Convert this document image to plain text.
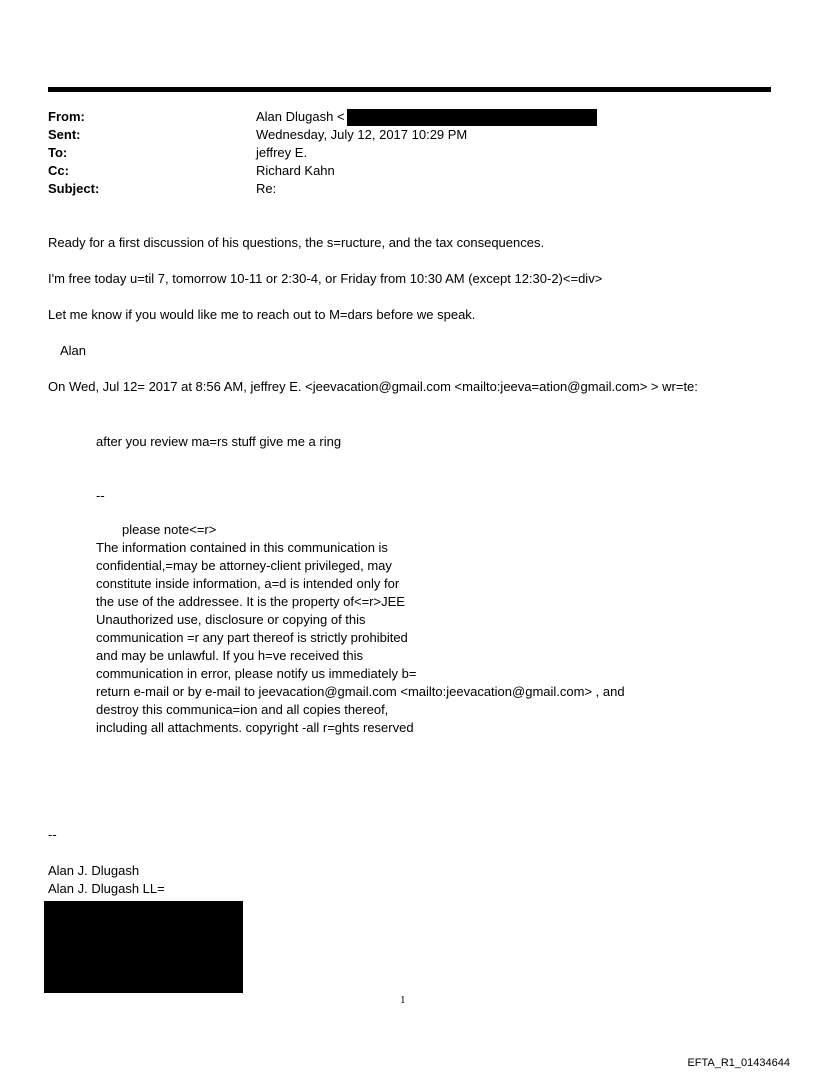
From:	Alan Dlugash <
Sent:	Wednesday, July 12, 2017 10:29 PM
To:	jeffrey E.
Cc:	Richard Kahn
Subject:	Re:
Ready for a first discussion of his questions, the s=ructure, and the tax consequences.
I'm free today u=til 7, tomorrow 10-11 or 2:30-4, or Friday from 10:30 AM (except 12:30-2)<=div>
Let me know if you would like me to reach out to M=dars before we speak.
Alan
On Wed, Jul 12= 2017 at 8:56 AM, jeffrey E. <jeevacation@gmail.com <mailto:jeeva=ation@gmail.com> > wr=te:
after you review ma=rs stuff give me a ring
--
please note<=r>
The information contained in this communication is
confidential,=may be attorney-client privileged, may
constitute inside information, a=d is intended only for
the use of the addressee. It is the property of<=r>JEE
Unauthorized use, disclosure or copying of this
communication =r any part thereof is strictly prohibited
and may be unlawful. If you h=ve received this
communication in error, please notify us immediately b=
return e-mail or by e-mail to jeevacation@gmail.com <mailto:jeevacation@gmail.com> , and
destroy this communica=ion and all copies thereof,
including all attachments. copyright -all r=ghts reserved
--
Alan J. Dlugash
Alan J. Dlugash LL=
1
EFTA_R1_01434644
